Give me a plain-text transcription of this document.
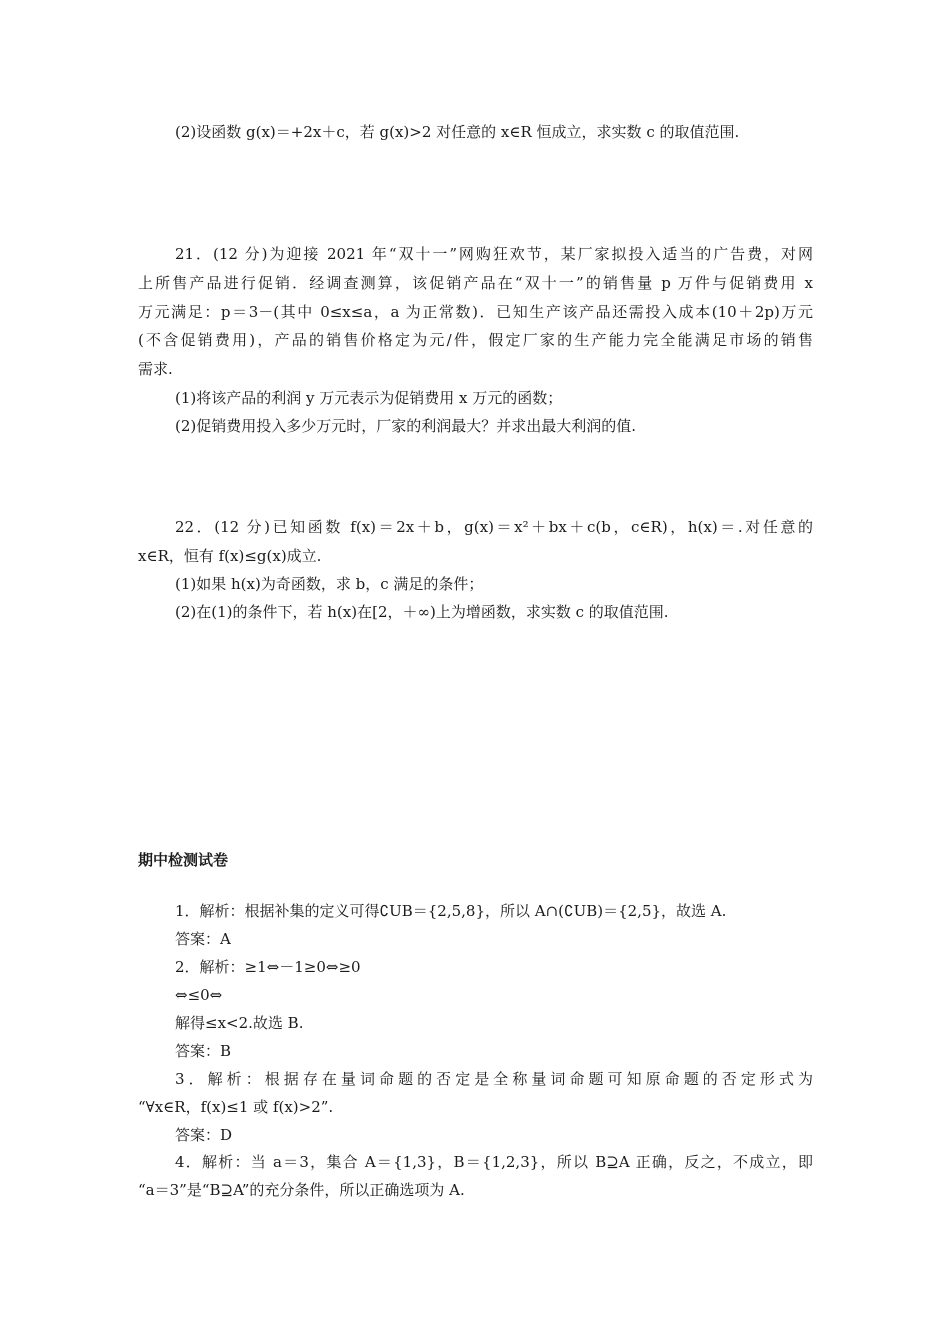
(2)设函数 g(x)＝+2x＋c，若 g(x)>2 对任意的 x∈R 恒成立，求实数 c 的取值范围.
21．(12 分)为迎接 2021 年“双十一”网购狂欢节，某厂家拟投入适当的广告费，对网
上所售产品进行促销．经调查测算，该促销产品在“双十一”的销售量 p 万件与促销费用 x
万元满足：p＝3－(其中 0≤x≤a，a 为正常数)．已知生产该产品还需投入成本(10＋2p)万元
(不含促销费用)，产品的销售价格定为元/件，假定厂家的生产能力完全能满足市场的销售
需求.
(1)将该产品的利润 y 万元表示为促销费用 x 万元的函数；
(2)促销费用投入多少万元时，厂家的利润最大？并求出最大利润的值.
22．(12 分)已知函数 f(x)＝2x＋b，g(x)＝x²＋bx＋c(b，c∈R)，h(x)＝.对任意的
x∈R，恒有 f(x)≤g(x)成立.
(1)如果 h(x)为奇函数，求 b，c 满足的条件；
(2)在(1)的条件下，若 h(x)在[2，＋∞)上为增函数，求实数 c 的取值范围.
期中检测试卷
1．解析：根据补集的定义可得∁UB＝{2,5,8}，所以 A∩(∁UB)＝{2,5}，故选 A.
答案：A
2．解析：≥1⇔－1≥0⇔≥0
⇔≤0⇔
解得≤x<2.故选 B.
答案：B
3．解析：根据存在量词命题的否定是全称量词命题可知原命题的否定形式为
“∀x∈R，f(x)≤1 或 f(x)>2”.
答案：D
4．解析：当 a＝3，集合 A＝{1,3}，B＝{1,2,3}，所以 B⊇A 正确，反之，不成立，即
“a＝3”是“B⊇A”的充分条件，所以正确选项为 A.
